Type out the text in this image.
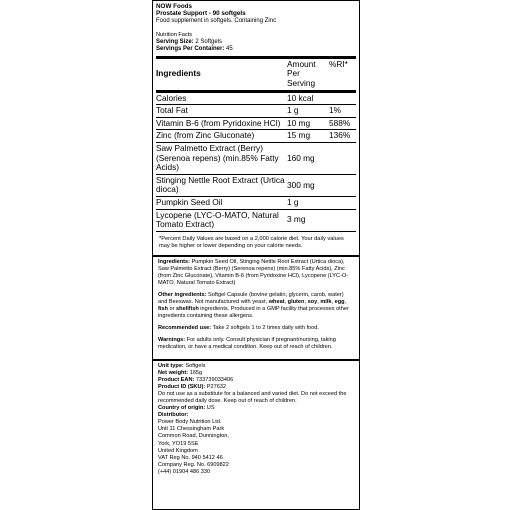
NOW Foods
Prostate Support - 90 softgels
Food supplement in softgels. Containing Zinc
Nutrition Facts
Serving Size: 2 Softgels
Servings Per Container: 45
Ingredients	Amount Per Serving	%RI*
Calories	10 kcal	
Total Fat	1 g	1%
Vitamin B-6 (from Pyridoxine HCl)	10 mg	588%
Zinc (from Zinc Gluconate)	15 mg	136%
Saw Palmetto Extract (Berry) (Serenoa repens) (min.85% Fatty Acids)	160 mg	
Stinging Nettle Root Extract (Urtica dioca)	300 mg	
Pumpkin Seed Oil	1 g	
Lycopene (LYC-O-MATO, Natural Tomato Extract)	3 mg	
*Percent Daily Values are based on a 2,000 calorie diet. Your daily values may be higher or lower depending on your calorie needs.
Ingredients: Pumpkin Seed Oil, Stinging Nettle Root Extract (Urtica dioca), Saw Palmetto Extract (Berry) (Serenoa repens) (min.85% Fatty Acids), Zinc (from Zinc Gluconate), Vitamin B-6 (from Pyridoxine HCl), Lycopene (LYC-O-MATO, Natural Tomato Extract)
Other ingredients: Softgel Capsule (bovine gelatin, glycerin, carob, water) and Beeswax. Not manufactured with yeast, wheat, gluten, soy, milk, egg, fish or shellfish ingredients. Produced in a GMP facility that processes other ingredients containing these allergens.
Recommended use: Take 2 softgels 1 to 2 times daily with food.
Warnings: For adults only. Consult physician if pregnant/nursing, taking medication, or have a medical condition. Keep out of reach of children.
Unit type: Softgels
Net weight: 165g
Product EAN: 733739033406
Product ID (SKU): P27632
Do not use as a substitute for a balanced and varied diet. Do not exceed the recommended daily dose. Keep out of reach of children.
Country of origin: US
Distributor:
Power Body Nutrition Ltd.
Unit 11 Chessingham Park
Common Road, Dunnington,
York, YO19 5SE
United Kingdom
VAT Reg No. 940 5412 46
Company Reg. No. 6909822
(+44) 01904 486 330
